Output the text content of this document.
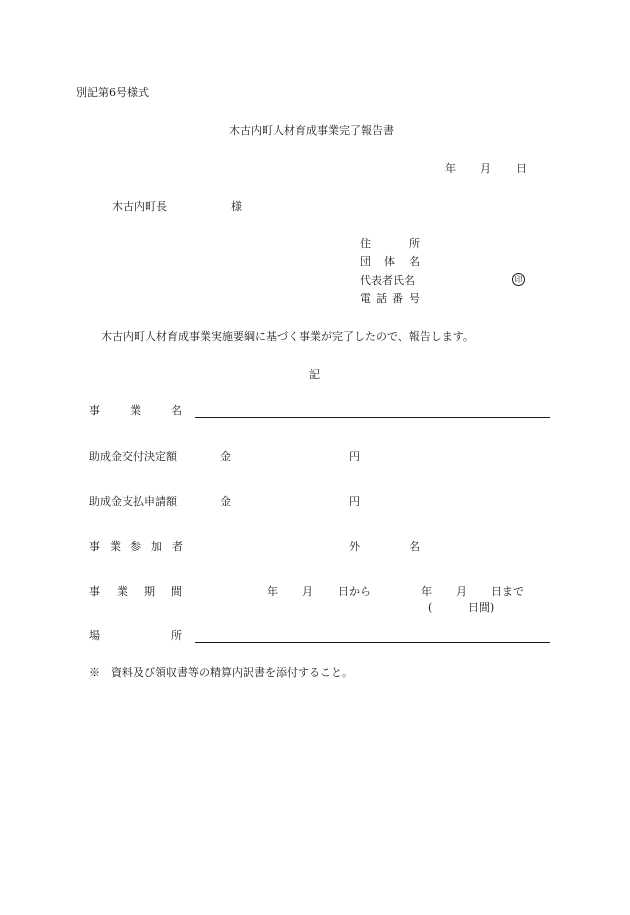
別記第6号様式
木古内町人材育成事業完了報告書
年 月 日
木古内町長	様
住	所
団 体 名
代表者氏名	印
電 話 番 号
木古内町人材育成事業実施要綱に基づく事業が完了したので、報告します。
記
事	業	名
助成金交付決定額	金	円
助成金支払申請額	金	円
事 業 参 加 者	外	名
事 業 期 間	年 月 日から	年 月 日まで
(	日間)
場	所
※　資料及び領収書等の精算内訳書を添付すること。
